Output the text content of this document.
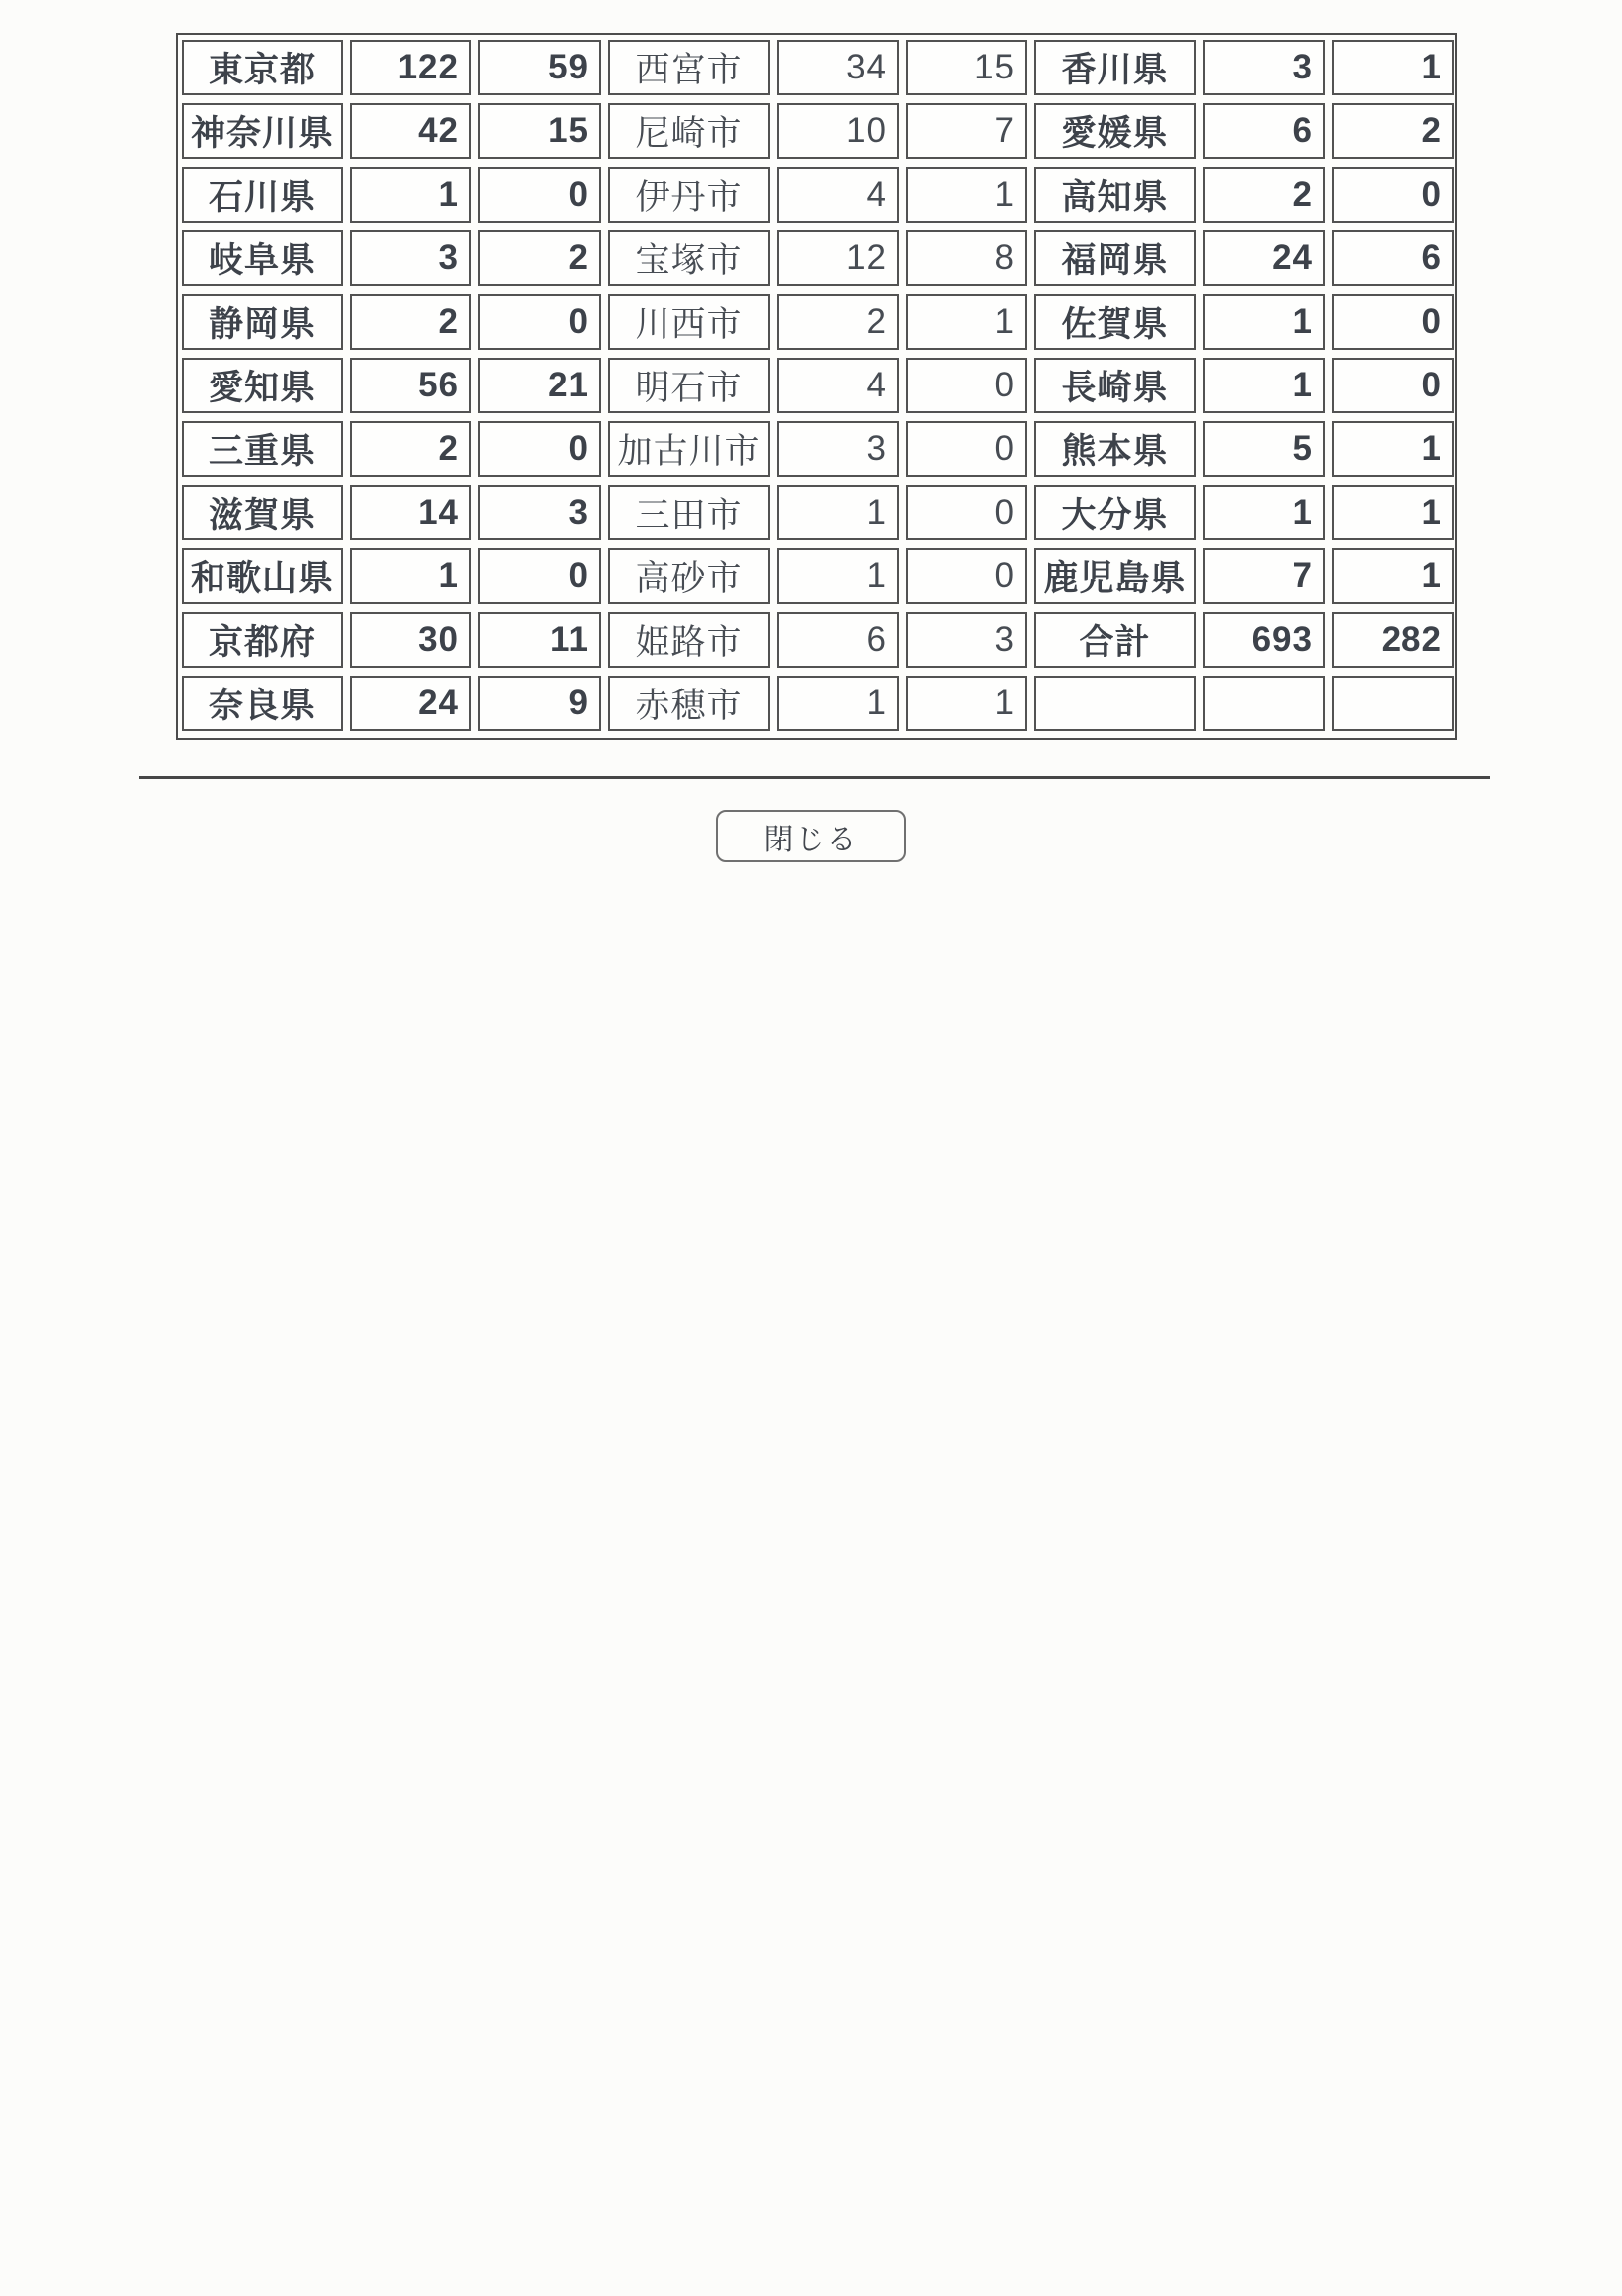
東京都	122	59	西宮市	34	15	香川県	3	1
神奈川県	42	15	尼崎市	10	7	愛媛県	6	2
石川県	1	0	伊丹市	4	1	高知県	2	0
岐阜県	3	2	宝塚市	12	8	福岡県	24	6
静岡県	2	0	川西市	2	1	佐賀県	1	0
愛知県	56	21	明石市	4	0	長崎県	1	0
三重県	2	0 加古川市	3	0	熊本県	5	1
滋賀県	14	3	三田市	1	0	大分県	1	1
和歌山県	1	0	高砂市	1	0 鹿児島県	7	1
京都府	30	11	姫路市	6	3	合計	693	282
奈良県	24	9	赤穂市	1	1
閉じる
